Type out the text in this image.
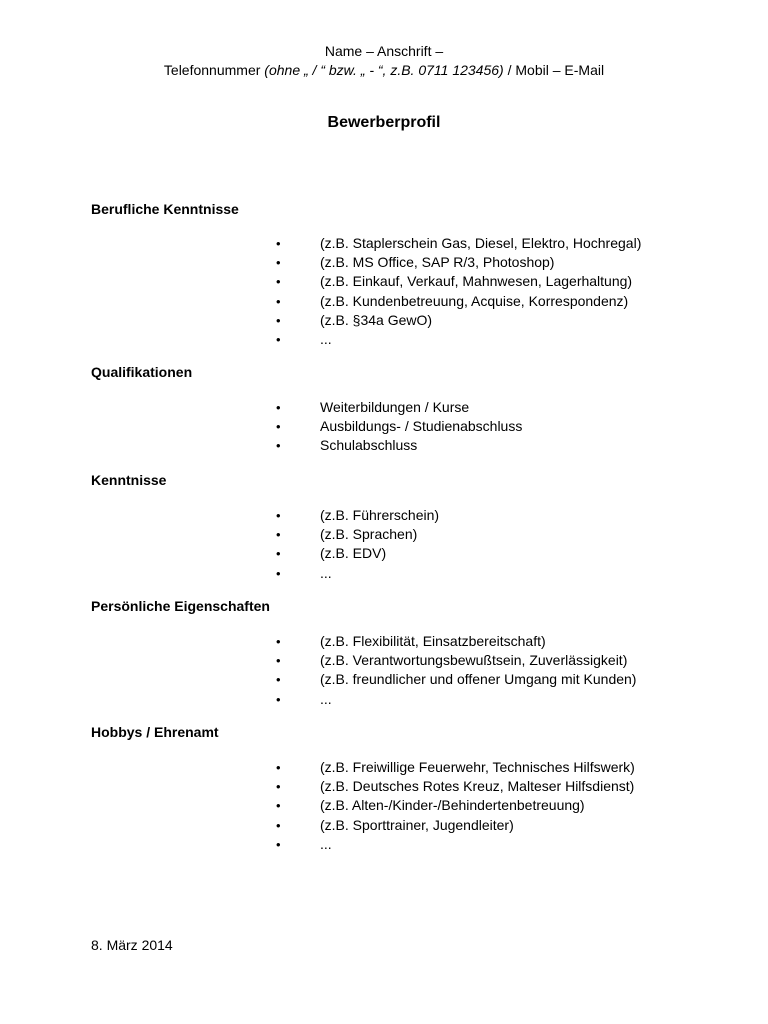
Name – Anschrift –
Telefonnummer (ohne „ / “ bzw. „ - “, z.B. 0711 123456) / Mobil – E-Mail
Bewerberprofil
Berufliche Kenntnisse
•	(z.B. Staplerschein Gas, Diesel, Elektro, Hochregal)
•	(z.B. MS Office, SAP R/3, Photoshop)
•	(z.B. Einkauf, Verkauf, Mahnwesen, Lagerhaltung)
•	(z.B. Kundenbetreuung, Acquise, Korrespondenz)
•	(z.B. §34a GewO)
•	...
Qualifikationen
•	Weiterbildungen / Kurse
•	Ausbildungs- / Studienabschluss
•	Schulabschluss
Kenntnisse
•	(z.B. Führerschein)
•	(z.B. Sprachen)
•	(z.B. EDV)
•	...
Persönliche Eigenschaften
•	(z.B. Flexibilität, Einsatzbereitschaft)
•	(z.B. Verantwortungsbewußtsein, Zuverlässigkeit)
•	(z.B. freundlicher und offener Umgang mit Kunden)
•	...
Hobbys / Ehrenamt
•	(z.B. Freiwillige Feuerwehr, Technisches Hilfswerk)
•	(z.B. Deutsches Rotes Kreuz, Malteser Hilfsdienst)
•	(z.B. Alten-/Kinder-/Behindertenbetreuung)
•	(z.B. Sporttrainer, Jugendleiter)
•	...
8. März 2014
